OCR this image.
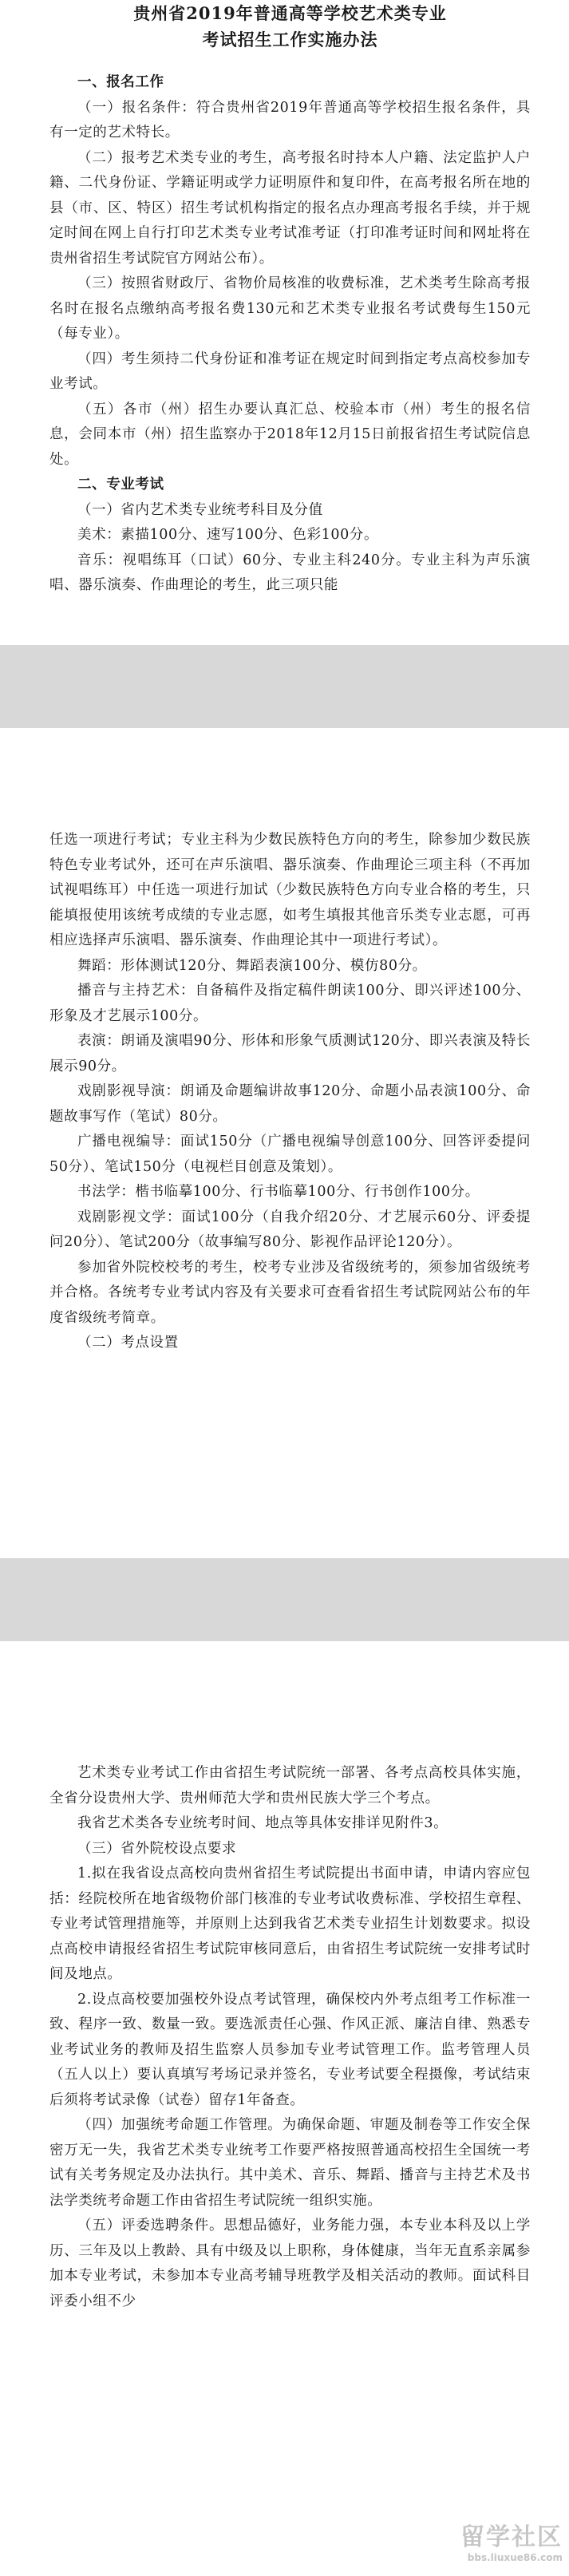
贵州省2019年普通高等学校艺术类专业
考试招生工作实施办法

一、报名工作

（一）报名条件：符合贵州省2019年普通高等学校招生报名条件，具有一定的艺术特长。

（二）报考艺术类专业的考生，高考报名时持本人户籍、法定监护人户籍、二代身份证、学籍证明或学力证明原件和复印件，在高考报名所在地的县（市、区、特区）招生考试机构指定的报名点办理高考报名手续，并于规定时间在网上自行打印艺术类专业考试准考证（打印准考证时间和网址将在贵州省招生考试院官方网站公布）。

（三）按照省财政厅、省物价局核准的收费标准，艺术类考生除高考报名时在报名点缴纳高考报名费130元和艺术类专业报名考试费每生150元（每专业）。

（四）考生须持二代身份证和准考证在规定时间到指定考点高校参加专业考试。

（五）各市（州）招生办要认真汇总、校验本市（州）考生的报名信息，会同本市（州）招生监察办于2018年12月15日前报省招生考试院信息处。

二、专业考试

（一）省内艺术类专业统考科目及分值

美术：素描100分、速写100分、色彩100分。

音乐：视唱练耳（口试）60分、专业主科240分。专业主科为声乐演唱、器乐演奏、作曲理论的考生，此三项只能

任选一项进行考试；专业主科为少数民族特色方向的考生，除参加少数民族特色专业考试外，还可在声乐演唱、器乐演奏、作曲理论三项主科（不再加试视唱练耳）中任选一项进行加试（少数民族特色方向专业合格的考生，只能填报使用该统考成绩的专业志愿，如考生填报其他音乐类专业志愿，可再相应选择声乐演唱、器乐演奏、作曲理论其中一项进行考试）。

舞蹈：形体测试120分、舞蹈表演100分、模仿80分。

播音与主持艺术：自备稿件及指定稿件朗读100分、即兴评述100分、形象及才艺展示100分。

表演：朗诵及演唱90分、形体和形象气质测试120分、即兴表演及特长展示90分。

戏剧影视导演：朗诵及命题编讲故事120分、命题小品表演100分、命题故事写作（笔试）80分。

广播电视编导：面试150分（广播电视编导创意100分、回答评委提问50分）、笔试150分（电视栏目创意及策划）。

书法学：楷书临摹100分、行书临摹100分、行书创作100分。

戏剧影视文学：面试100分（自我介绍20分、才艺展示60分、评委提问20分）、笔试200分（故事编写80分、影视作品评论120分）。

参加省外院校校考的考生，校考专业涉及省级统考的，须参加省级统考并合格。各统考专业考试内容及有关要求可查看省招生考试院网站公布的年度省级统考简章。

（二）考点设置

艺术类专业考试工作由省招生考试院统一部署、各考点高校具体实施，全省分设贵州大学、贵州师范大学和贵州民族大学三个考点。

我省艺术类各专业统考时间、地点等具体安排详见附件3。

（三）省外院校设点要求

1.拟在我省设点高校向贵州省招生考试院提出书面申请，申请内容应包括：经院校所在地省级物价部门核准的专业考试收费标准、学校招生章程、专业考试管理措施等，并原则上达到我省艺术类专业招生计划数要求。拟设点高校申请报经省招生考试院审核同意后，由省招生考试院统一安排考试时间及地点。

2.设点高校要加强校外设点考试管理，确保校内外考点组考工作标准一致、程序一致、数量一致。要选派责任心强、作风正派、廉洁自律、熟悉专业考试业务的教师及招生监察人员参加专业考试管理工作。监考管理人员（五人以上）要认真填写考场记录并签名，专业考试要全程摄像，考试结束后须将考试录像（试卷）留存1年备查。

（四）加强统考命题工作管理。为确保命题、审题及制卷等工作安全保密万无一失，我省艺术类专业统考工作要严格按照普通高校招生全国统一考试有关考务规定及办法执行。其中美术、音乐、舞蹈、播音与主持艺术及书法学类统考命题工作由省招生考试院统一组织实施。

（五）评委选聘条件。思想品德好，业务能力强，本专业本科及以上学历、三年及以上教龄、具有中级及以上职称，身体健康，当年无直系亲属参加本专业考试，未参加本专业高考辅导班教学及相关活动的教师。面试科目评委小组不少

留学社区
bbs.liuxue86.com
